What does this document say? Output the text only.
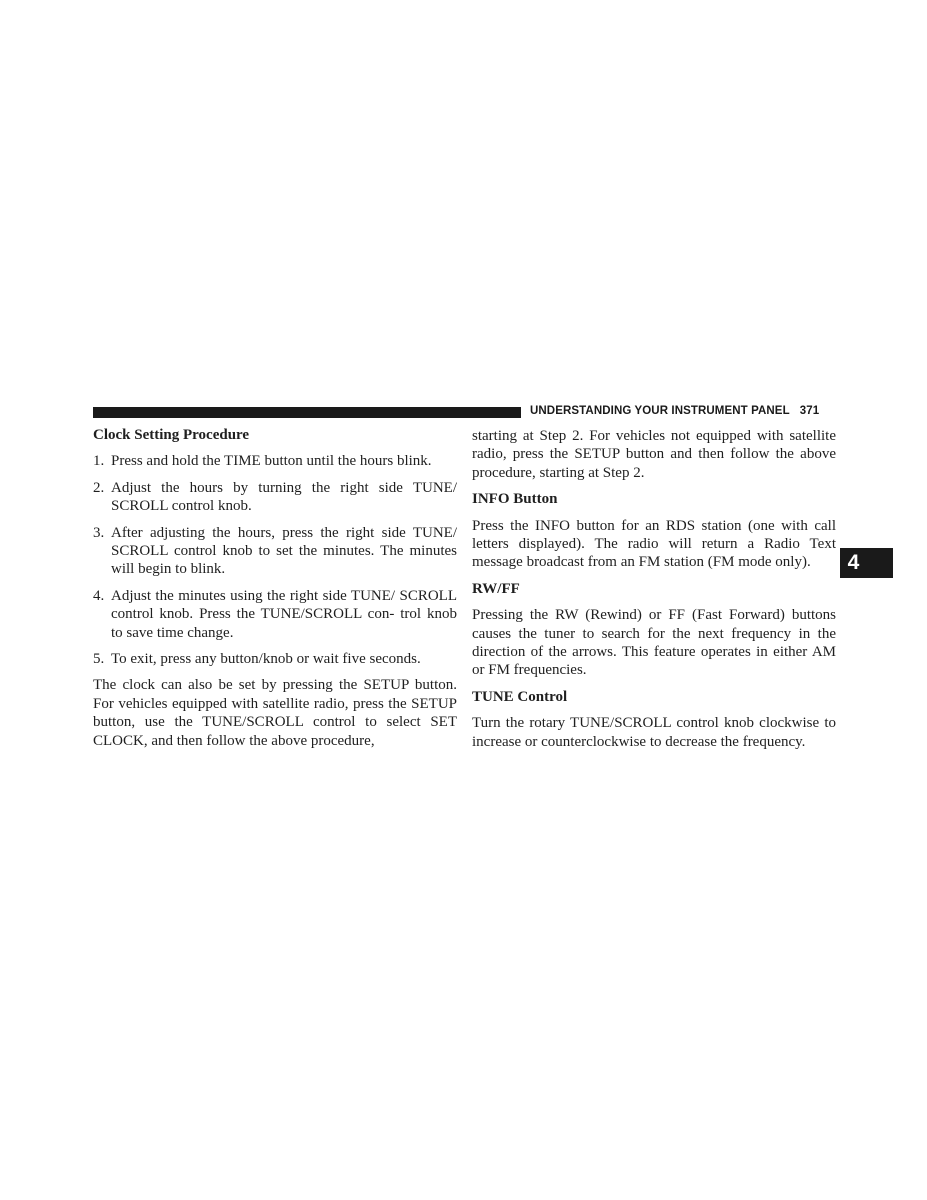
UNDERSTANDING YOUR INSTRUMENT PANEL 371
4

Clock Setting Procedure

1. Press and hold the TIME button until the hours blink.
2. Adjust the hours by turning the right side TUNE/ SCROLL control knob.
3. After adjusting the hours, press the right side TUNE/ SCROLL control knob to set the minutes. The minutes will begin to blink.
4. Adjust the minutes using the right side TUNE/ SCROLL control knob. Press the TUNE/SCROLL con- trol knob to save time change.
5. To exit, press any button/knob or wait five seconds.

The clock can also be set by pressing the SETUP button. For vehicles equipped with satellite radio, press the SETUP button, use the TUNE/SCROLL control to select SET CLOCK, and then follow the above procedure,

starting at Step 2. For vehicles not equipped with satellite radio, press the SETUP button and then follow the above procedure, starting at Step 2.

INFO Button

Press the INFO button for an RDS station (one with call letters displayed). The radio will return a Radio Text message broadcast from an FM station (FM mode only).

RW/FF

Pressing the RW (Rewind) or FF (Fast Forward) buttons causes the tuner to search for the next frequency in the direction of the arrows. This feature operates in either AM or FM frequencies.

TUNE Control

Turn the rotary TUNE/SCROLL control knob clockwise to increase or counterclockwise to decrease the frequency.
